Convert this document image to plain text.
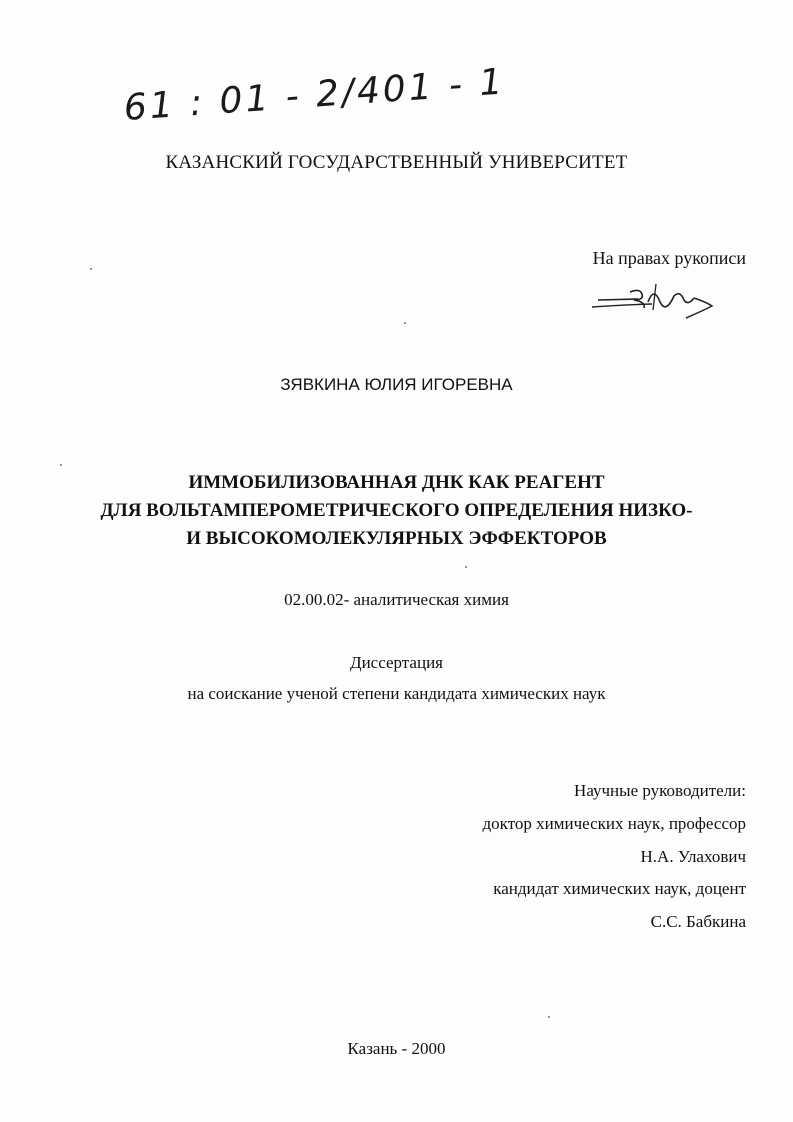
61 : 01 - 2/401 - 1
КАЗАНСКИЙ ГОСУДАРСТВЕННЫЙ УНИВЕРСИТЕТ
На правах рукописи
ЗЯВКИНА ЮЛИЯ ИГОРЕВНА
ИММОБИЛИЗОВАННАЯ ДНК КАК РЕАГЕНТ
ДЛЯ ВОЛЬТАМПЕРОМЕТРИЧЕСКОГО ОПРЕДЕЛЕНИЯ НИЗКО-
И ВЫСОКОМОЛЕКУЛЯРНЫХ ЭФФЕКТОРОВ
02.00.02- аналитическая химия
Диссертация
на соискание ученой степени кандидата химических наук
Научные руководители:
доктор химических наук, профессор
Н.А. Улахович
кандидат химических наук, доцент
С.С. Бабкина
Казань - 2000
